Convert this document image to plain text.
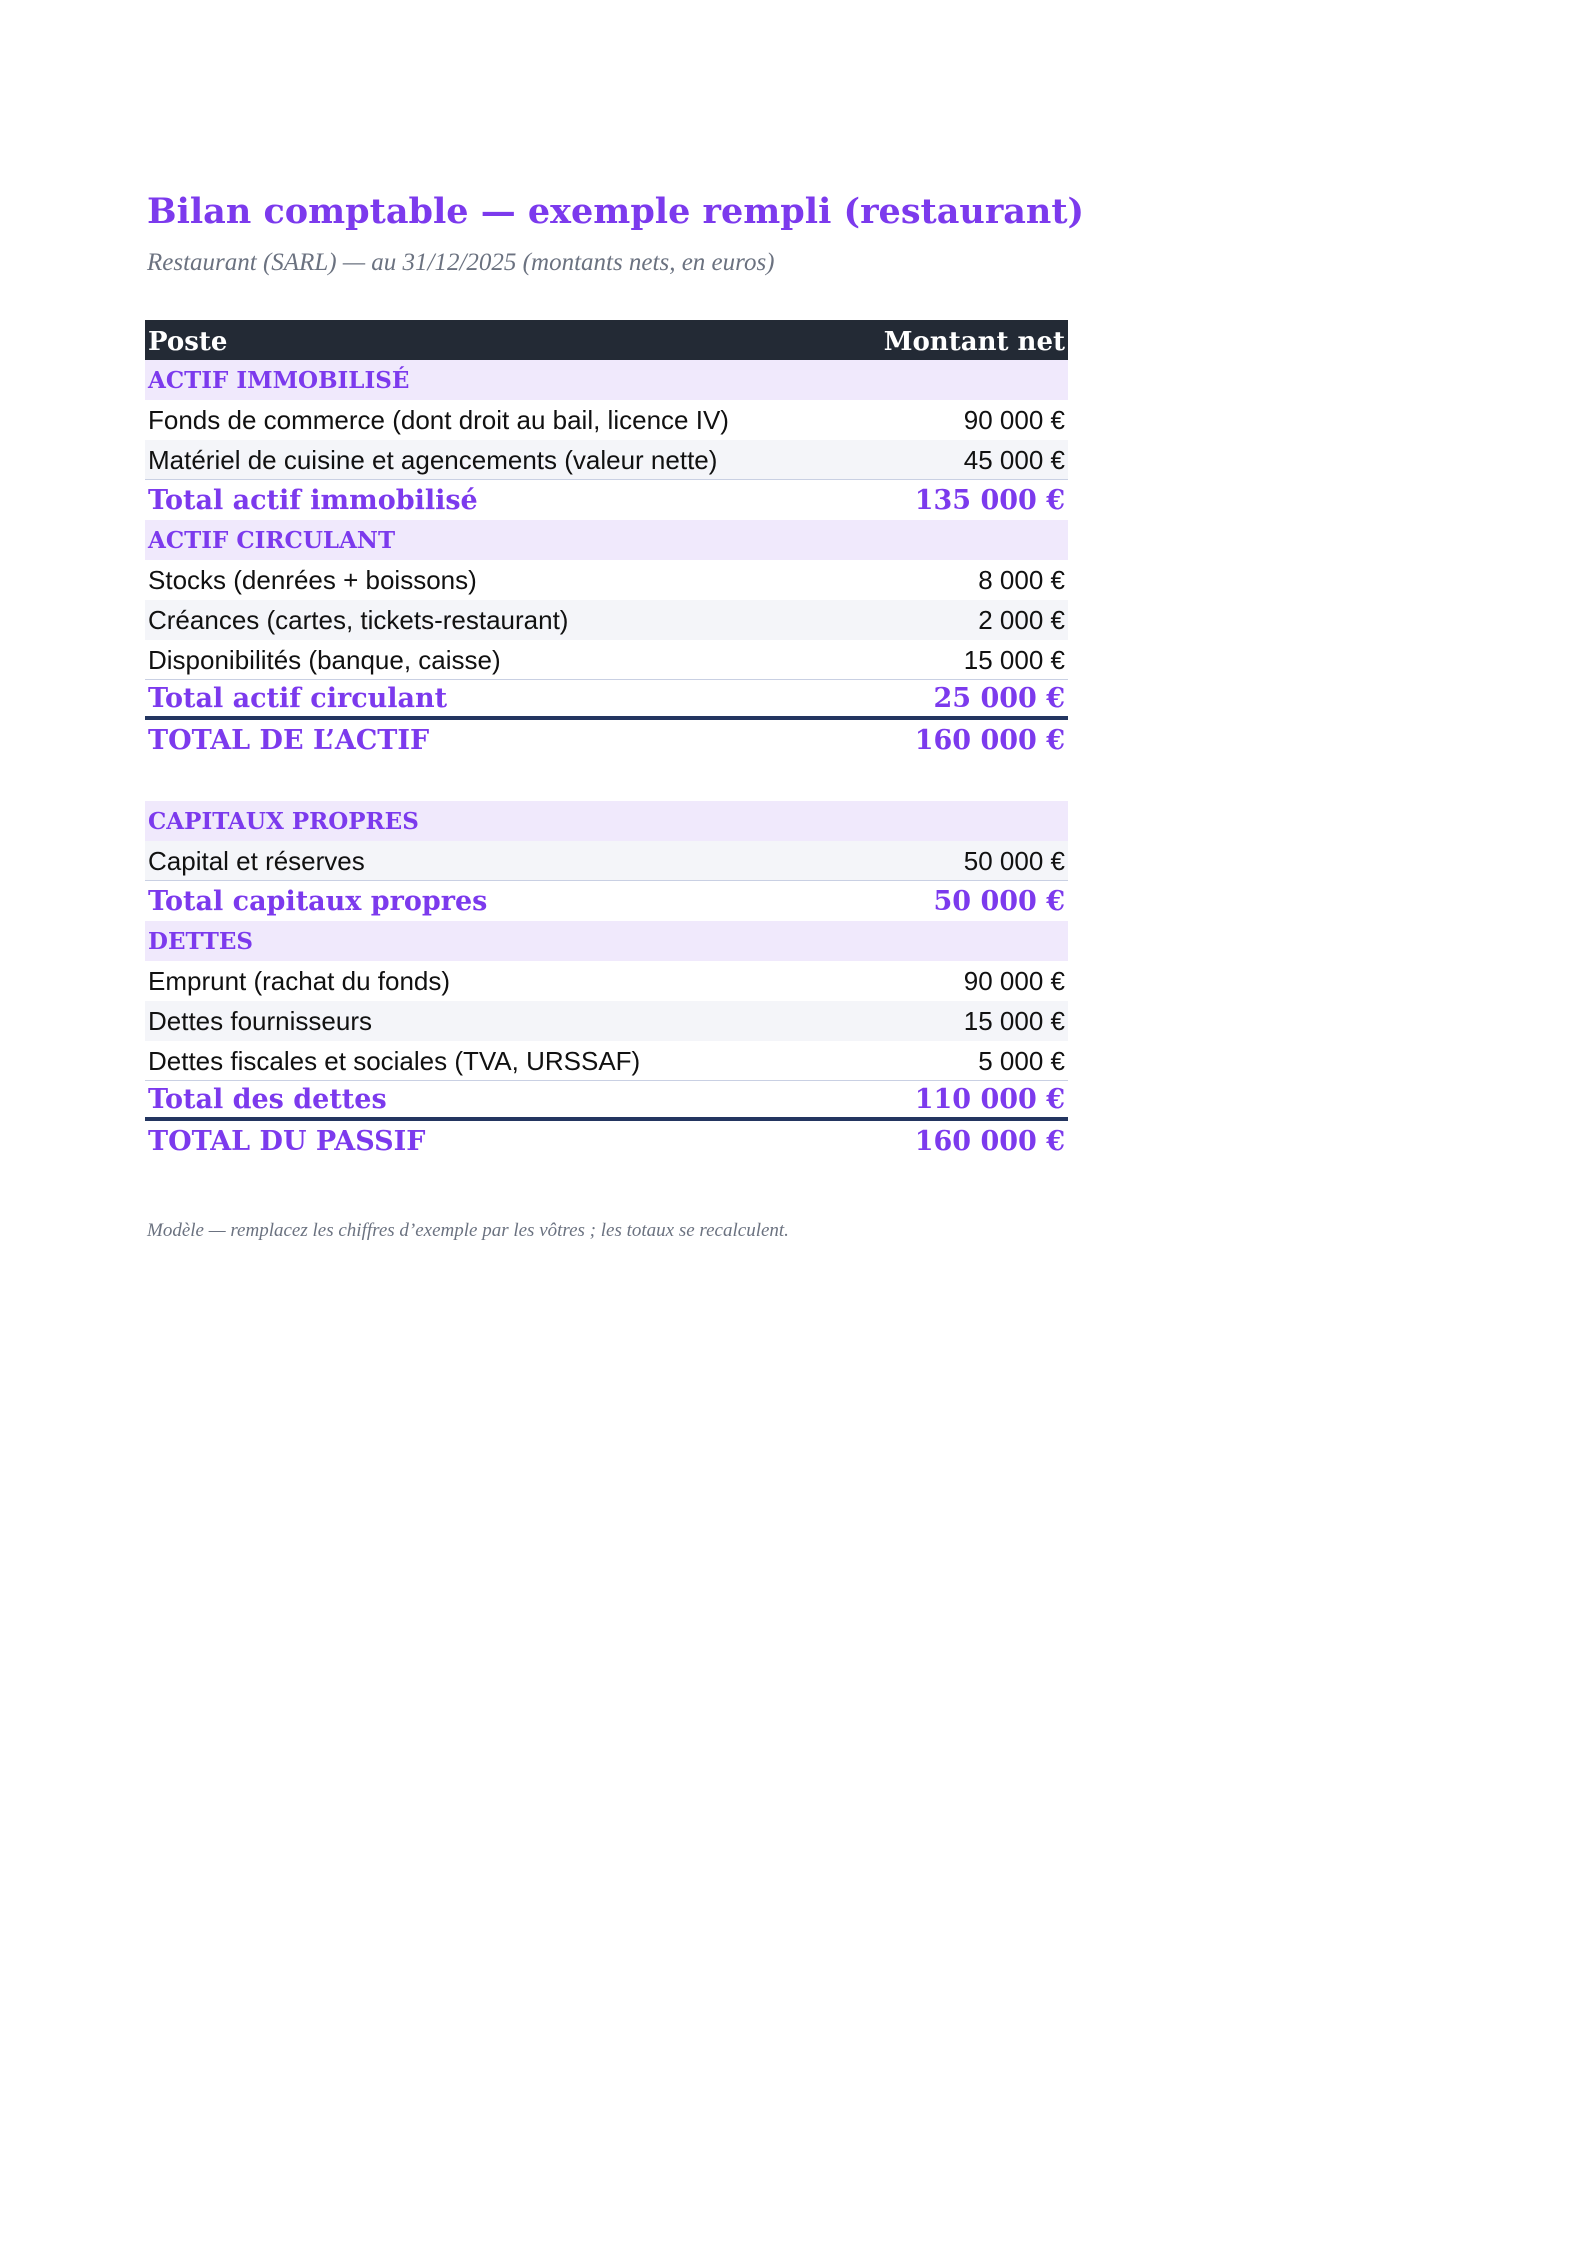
Bilan comptable — exemple rempli (restaurant)

Restaurant (SARL) — au 31/12/2025 (montants nets, en euros)

Poste	Montant net
ACTIF IMMOBILISÉ
Fonds de commerce (dont droit au bail, licence IV)	90 000 €
Matériel de cuisine et agencements (valeur nette)	45 000 €
Total actif immobilisé	135 000 €
ACTIF CIRCULANT
Stocks (denrées + boissons)	8 000 €
Créances (cartes, tickets-restaurant)	2 000 €
Disponibilités (banque, caisse)	15 000 €
Total actif circulant	25 000 €
TOTAL DE L’ACTIF	160 000 €
CAPITAUX PROPRES
Capital et réserves	50 000 €
Total capitaux propres	50 000 €
DETTES
Emprunt (rachat du fonds)	90 000 €
Dettes fournisseurs	15 000 €
Dettes fiscales et sociales (TVA, URSSAF)	5 000 €
Total des dettes	110 000 €
TOTAL DU PASSIF	160 000 €

Modèle — remplacez les chiffres d’exemple par les vôtres ; les totaux se recalculent.
